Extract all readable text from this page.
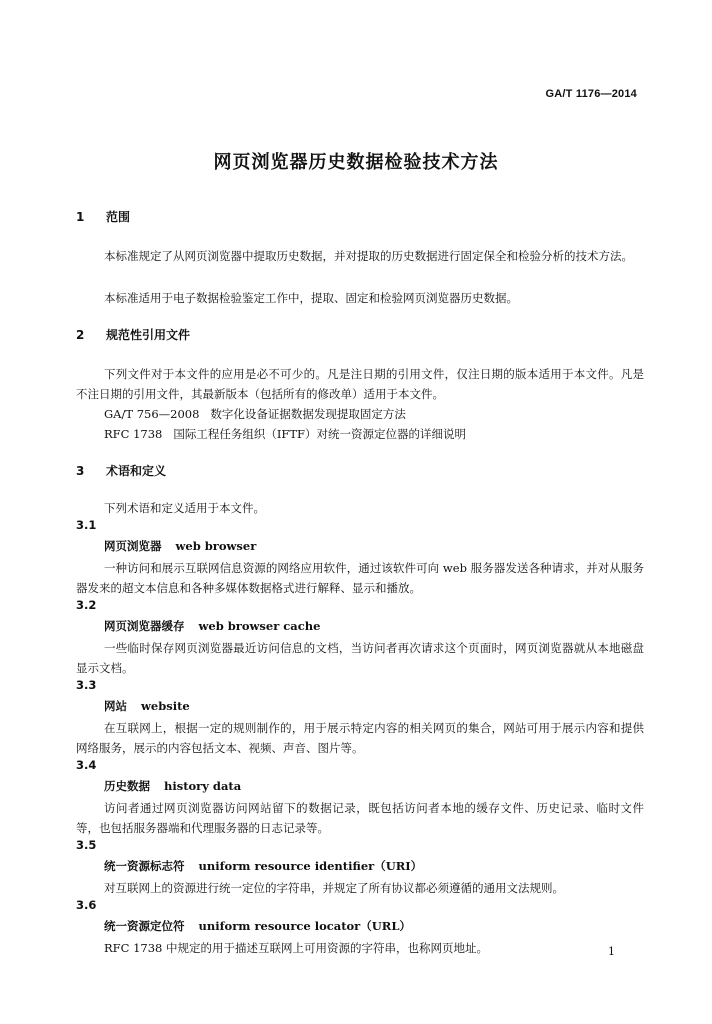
GA/T 1176—2014
网页浏览器历史数据检验技术方法
1 范围
本标准规定了从网页浏览器中提取历史数据，并对提取的历史数据进行固定保全和检验分析的技术方法。
本标准适用于电子数据检验鉴定工作中，提取、固定和检验网页浏览器历史数据。
2 规范性引用文件
下列文件对于本文件的应用是必不可少的。凡是注日期的引用文件，仅注日期的版本适用于本文件。凡是不注日期的引用文件，其最新版本（包括所有的修改单）适用于本文件。
GA/T 756—2008 数字化设备证据数据发现提取固定方法
RFC 1738 国际工程任务组织（IFTF）对统一资源定位器的详细说明
3 术语和定义
下列术语和定义适用于本文件。
3.1
网页浏览器 web browser
一种访问和展示互联网信息资源的网络应用软件，通过该软件可向 web 服务器发送各种请求，并对从服务器发来的超文本信息和各种多媒体数据格式进行解释、显示和播放。
3.2
网页浏览器缓存 web browser cache
一些临时保存网页浏览器最近访问信息的文档，当访问者再次请求这个页面时，网页浏览器就从本地磁盘显示文档。
3.3
网站 website
在互联网上，根据一定的规则制作的，用于展示特定内容的相关网页的集合，网站可用于展示内容和提供网络服务，展示的内容包括文本、视频、声音、图片等。
3.4
历史数据 history data
访问者通过网页浏览器访问网站留下的数据记录，既包括访问者本地的缓存文件、历史记录、临时文件等，也包括服务器端和代理服务器的日志记录等。
3.5
统一资源标志符 uniform resource identifier（URI）
对互联网上的资源进行统一定位的字符串，并规定了所有协议都必须遵循的通用文法规则。
3.6
统一资源定位符 uniform resource locator（URL）
RFC 1738 中规定的用于描述互联网上可用资源的字符串，也称网页地址。	1
